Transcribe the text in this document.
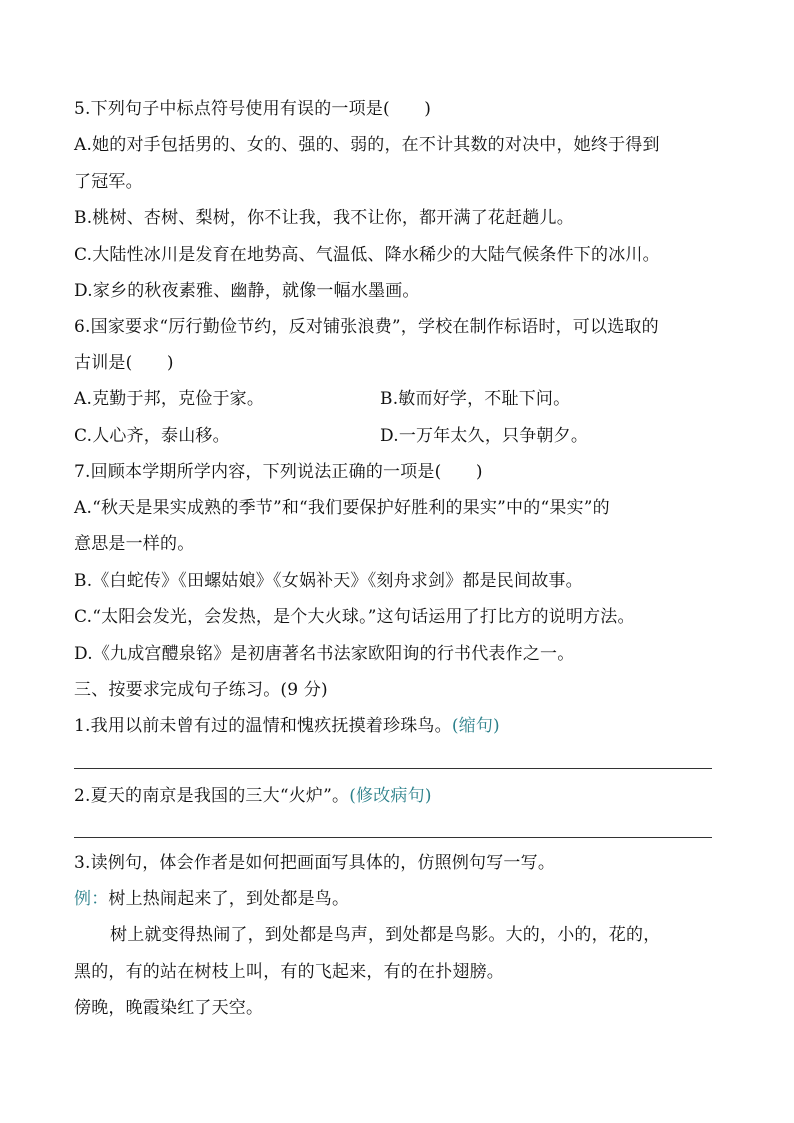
5.下列句子中标点符号使用有误的一项是(　　)
A.她的对手包括男的、女的、强的、弱的，在不计其数的对决中，她终于得到
了冠军。
B.桃树、杏树、梨树，你不让我，我不让你，都开满了花赶趟儿。
C.大陆性冰川是发育在地势高、气温低、降水稀少的大陆气候条件下的冰川。
D.家乡的秋夜素雅、幽静，就像一幅水墨画。
6.国家要求“厉行勤俭节约，反对铺张浪费”，学校在制作标语时，可以选取的
古训是(　　)
A.克勤于邦，克俭于家。	B.敏而好学，不耻下问。
C.人心齐，泰山移。	D.一万年太久，只争朝夕。
7.回顾本学期所学内容，下列说法正确的一项是(　　)
A.“秋天是果实成熟的季节”和“我们要保护好胜利的果实”中的“果实”的
意思是一样的。
B.《白蛇传》《田螺姑娘》《女娲补天》《刻舟求剑》都是民间故事。
C.“太阳会发光，会发热，是个大火球。”这句话运用了打比方的说明方法。
D.《九成宫醴泉铭》是初唐著名书法家欧阳询的行书代表作之一。
三、按要求完成句子练习。(9 分)
1.我用以前未曾有过的温情和愧疚抚摸着珍珠鸟。(缩句)
2.夏天的南京是我国的三大“火炉”。(修改病句)
3.读例句，体会作者是如何把画面写具体的，仿照例句写一写。
例：树上热闹起来了，到处都是鸟。
树上就变得热闹了，到处都是鸟声，到处都是鸟影。大的，小的，花的，
黑的，有的站在树枝上叫，有的飞起来，有的在扑翅膀。
傍晚，晚霞染红了天空。
